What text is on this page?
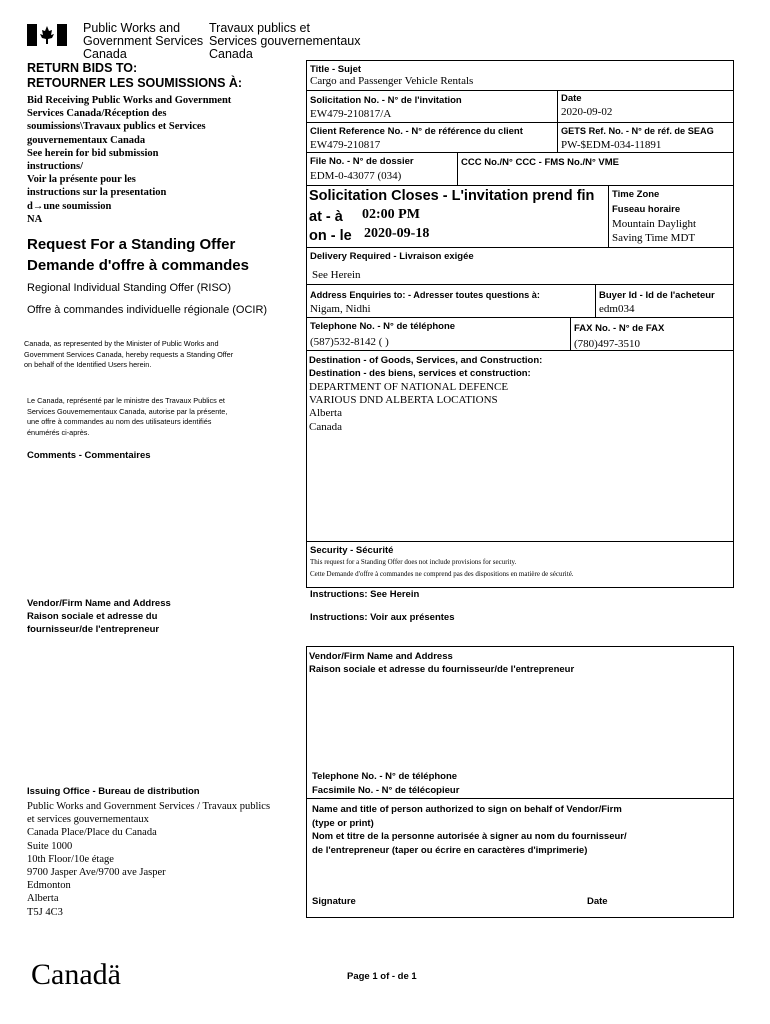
Public Works and
Government Services
Canada
Travaux publics et
Services gouvernementaux
Canada
RETURN BIDS TO:
RETOURNER LES SOUMISSIONS À:
Bid Receiving Public Works and Government
Services Canada/Réception des
soumissions\Travaux publics et Services
gouvernementaux Canada
See herein for bid submission
instructions/
Voir la présente pour les
instructions sur la presentation
d→une soumission
NA
Request For a Standing Offer
Demande d'offre à commandes
Regional Individual Standing Offer (RISO)
Offre à commandes individuelle régionale (OCIR)
Canada, as represented by the Minister of Public Works and
Government Services Canada, hereby requests a Standing Offer
on behalf of the Identified Users herein.
Le Canada, représenté par le ministre des Travaux Publics et
Services Gouvernementaux Canada, autorise par la présente,
une offre à commandes au nom des utilisateurs identifiés
énumérés ci-après.
Comments - Commentaires
Vendor/Firm Name and Address
Raison sociale et adresse du
fournisseur/de l'entrepreneur
Issuing Office - Bureau de distribution
Public Works and Government Services / Travaux publics
et services gouvernementaux
Canada Place/Place du Canada
Suite 1000
10th Floor/10e étage
9700 Jasper Ave/9700 ave Jasper
Edmonton
Alberta
T5J 4C3
Canadä	Page 1 of - de 1
Title - Sujet
Cargo and Passenger Vehicle Rentals
Solicitation No. - N° de l'invitation
EW479-210817/A
Date
2020-09-02
Client Reference No. - N° de référence du client
EW479-210817
GETS Ref. No. - N° de réf. de SEAG
PW-$EDM-034-11891
File No. - N° de dossier
EDM-0-43077 (034)
CCC No./N° CCC - FMS No./N° VME
Solicitation Closes - L'invitation prend fin
at - à 02:00 PM
on - le 2020-09-18
Time Zone
Fuseau horaire
Mountain Daylight
Saving Time MDT
Delivery Required - Livraison exigée
See Herein
Address Enquiries to: - Adresser toutes questions à:
Nigam, Nidhi
Buyer Id - Id de l'acheteur
edm034
Telephone No. - N° de téléphone
(587)532-8142 ( )
FAX No. - N° de FAX
(780)497-3510
Destination - of Goods, Services, and Construction:
Destination - des biens, services et construction:
DEPARTMENT OF NATIONAL DEFENCE
VARIOUS DND ALBERTA LOCATIONS
Alberta
Canada
Security - Sécurité
This request for a Standing Offer does not include provisions for security.
Cette Demande d'offre à commandes ne comprend pas des dispositions en matière de sécurité.
Instructions: See Herein
Instructions: Voir aux présentes
Vendor/Firm Name and Address
Raison sociale et adresse du fournisseur/de l'entrepreneur
Telephone No. - N° de téléphone
Facsimile No. - N° de télécopieur
Name and title of person authorized to sign on behalf of Vendor/Firm
(type or print)
Nom et titre de la personne autorisée à signer au nom du fournisseur/
de l'entrepreneur (taper ou écrire en caractères d'imprimerie)
Signature	Date
